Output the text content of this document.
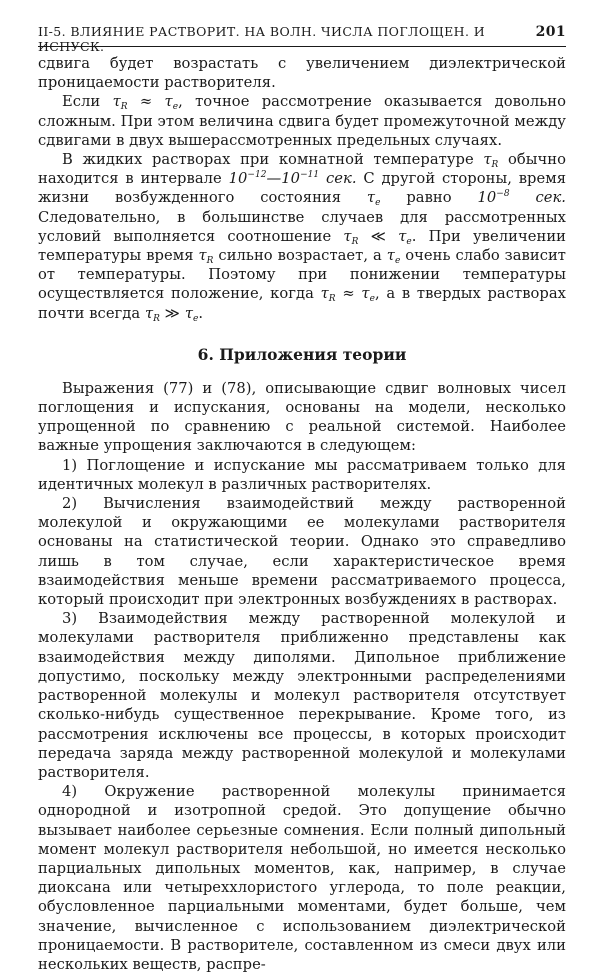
II-5. ВЛИЯНИЕ РАСТВОРИТ. НА ВОЛН. ЧИСЛА ПОГЛОЩЕН. И ИСПУСК.
201

сдвига будет возрастать с увеличением диэлектрической проницаемости растворителя.

Если $\tau_R \approx \tau_e$, точное рассмотрение оказывается довольно сложным. При этом величина сдвига будет промежуточной между сдвигами в двух вышерассмотренных предельных случаях.

В жидких растворах при комнатной температуре $\tau_R$ обычно находится в интервале $10^{-12}—10^{-11}$ сек. С другой стороны, время жизни возбужденного состояния $\tau_e$ равно $10^{-8}$ сек. Следовательно, в большинстве случаев для рассмотренных условий выполняется соотношение $\tau_R$ ≪ $\tau_e$. При увеличении температуры время $\tau_R$ сильно возрастает, а $\tau_e$ очень слабо зависит от температуры. Поэтому при понижении температуры осуществляется положение, когда $\tau_R \approx \tau_e$, а в твердых растворах почти всегда $\tau_R$ ≫ $\tau_e$.

6. Приложения теории

Выражения (77) и (78), описывающие сдвиг волновых чисел поглощения и испускания, основаны на модели, несколько упрощенной по сравнению с реальной системой. Наиболее важные упрощения заключаются в следующем:

1) Поглощение и испускание мы рассматриваем только для идентичных молекул в различных растворителях.

2) Вычисления взаимодействий между растворенной молекулой и окружающими ее молекулами растворителя основаны на статистической теории. Однако это справедливо лишь в том случае, если характеристическое время взаимодействия меньше времени рассматриваемого процесса, который происходит при электронных возбуждениях в растворах.

3) Взаимодействия между растворенной молекулой и молекулами растворителя приближенно представлены как взаимодействия между диполями. Дипольное приближение допустимо, поскольку между электронными распределениями растворенной молекулы и молекул растворителя отсутствует сколько-нибудь существенное перекрывание. Кроме того, из рассмотрения исключены все процессы, в которых происходит передача заряда между растворенной молекулой и молекулами растворителя.

4) Окружение растворенной молекулы принимается однородной и изотропной средой. Это допущение обычно вызывает наиболее серьезные сомнения. Если полный дипольный момент молекул растворителя небольшой, но имеется несколько парциальных дипольных моментов, как, например, в случае диоксана или четыреххлористого углерода, то поле реакции, обусловленное парциальными моментами, будет больше, чем значение, вычисленное с использованием диэлектрической проницаемости. В растворителе, составленном из смеси двух или нескольких веществ, распре-
